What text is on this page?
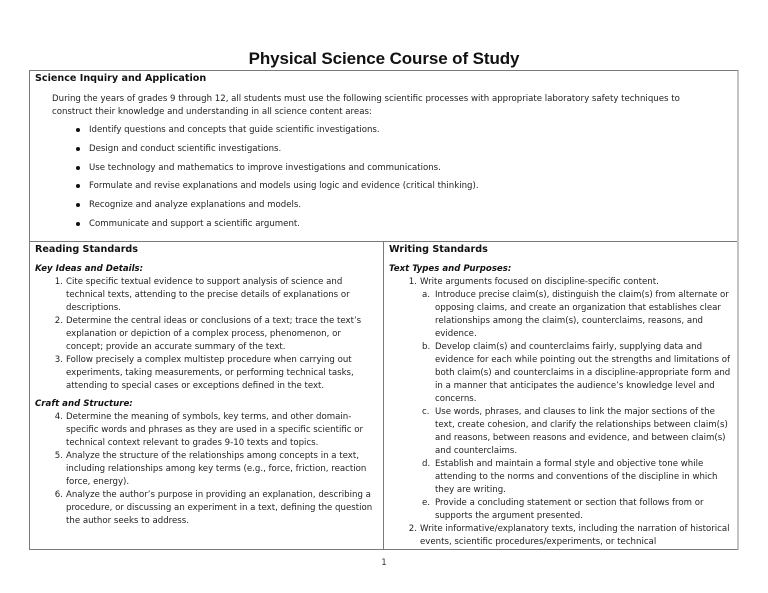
Physical Science Course of Study
Science Inquiry and Application
During the years of grades 9 through 12, all students must use the following scientific processes with appropriate laboratory safety techniques to construct their knowledge and understanding in all science content areas:
Identify questions and concepts that guide scientific investigations.
Design and conduct scientific investigations.
Use technology and mathematics to improve investigations and communications.
Formulate and revise explanations and models using logic and evidence (critical thinking).
Recognize and analyze explanations and models.
Communicate and support a scientific argument.
Reading Standards
Key Ideas and Details:
1. Cite specific textual evidence to support analysis of science and technical texts, attending to the precise details of explanations or descriptions.
2. Determine the central ideas or conclusions of a text; trace the text’s explanation or depiction of a complex process, phenomenon, or concept; provide an accurate summary of the text.
3. Follow precisely a complex multistep procedure when carrying out experiments, taking measurements, or performing technical tasks, attending to special cases or exceptions defined in the text.
Craft and Structure:
4. Determine the meaning of symbols, key terms, and other domain-specific words and phrases as they are used in a specific scientific or technical context relevant to grades 9-10 texts and topics.
5. Analyze the structure of the relationships among concepts in a text, including relationships among key terms (e.g., force, friction, reaction force, energy).
6. Analyze the author’s purpose in providing an explanation, describing a procedure, or discussing an experiment in a text, defining the question the author seeks to address.
Writing Standards
Text Types and Purposes:
1. Write arguments focused on discipline-specific content.
a. Introduce precise claim(s), distinguish the claim(s) from alternate or opposing claims, and create an organization that establishes clear relationships among the claim(s), counterclaims, reasons, and evidence.
b. Develop claim(s) and counterclaims fairly, supplying data and evidence for each while pointing out the strengths and limitations of both claim(s) and counterclaims in a discipline-appropriate form and in a manner that anticipates the audience’s knowledge level and concerns.
c. Use words, phrases, and clauses to link the major sections of the text, create cohesion, and clarify the relationships between claim(s) and reasons, between reasons and evidence, and between claim(s) and counterclaims.
d. Establish and maintain a formal style and objective tone while attending to the norms and conventions of the discipline in which they are writing.
e. Provide a concluding statement or section that follows from or supports the argument presented.
2. Write informative/explanatory texts, including the narration of historical events, scientific procedures/experiments, or technical
1
